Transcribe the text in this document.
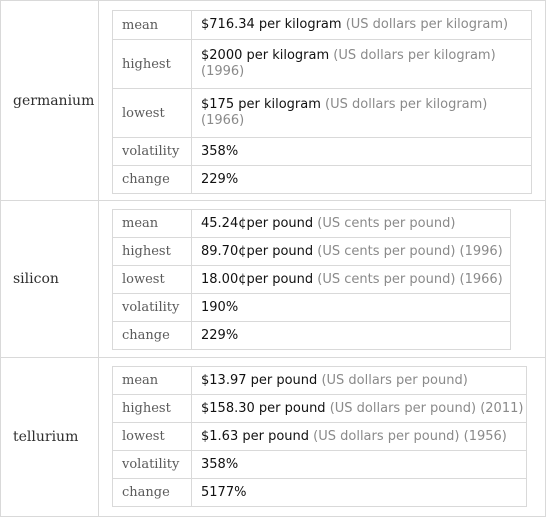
germanium
mean	$716.34 per kilogram (US dollars per kilogram)
highest	$2000 per kilogram (US dollars per kilogram)
(1996)
lowest	$175 per kilogram (US dollars per kilogram)
(1966)
volatility	358%
change	229%
silicon
mean	45.24¢per pound (US cents per pound)
highest	89.70¢per pound (US cents per pound) (1996)
lowest	18.00¢per pound (US cents per pound) (1966)
volatility	190%
change	229%
tellurium
mean	$13.97 per pound (US dollars per pound)
highest	$158.30 per pound (US dollars per pound) (2011)
lowest	$1.63 per pound (US dollars per pound) (1956)
volatility	358%
change	5177%
